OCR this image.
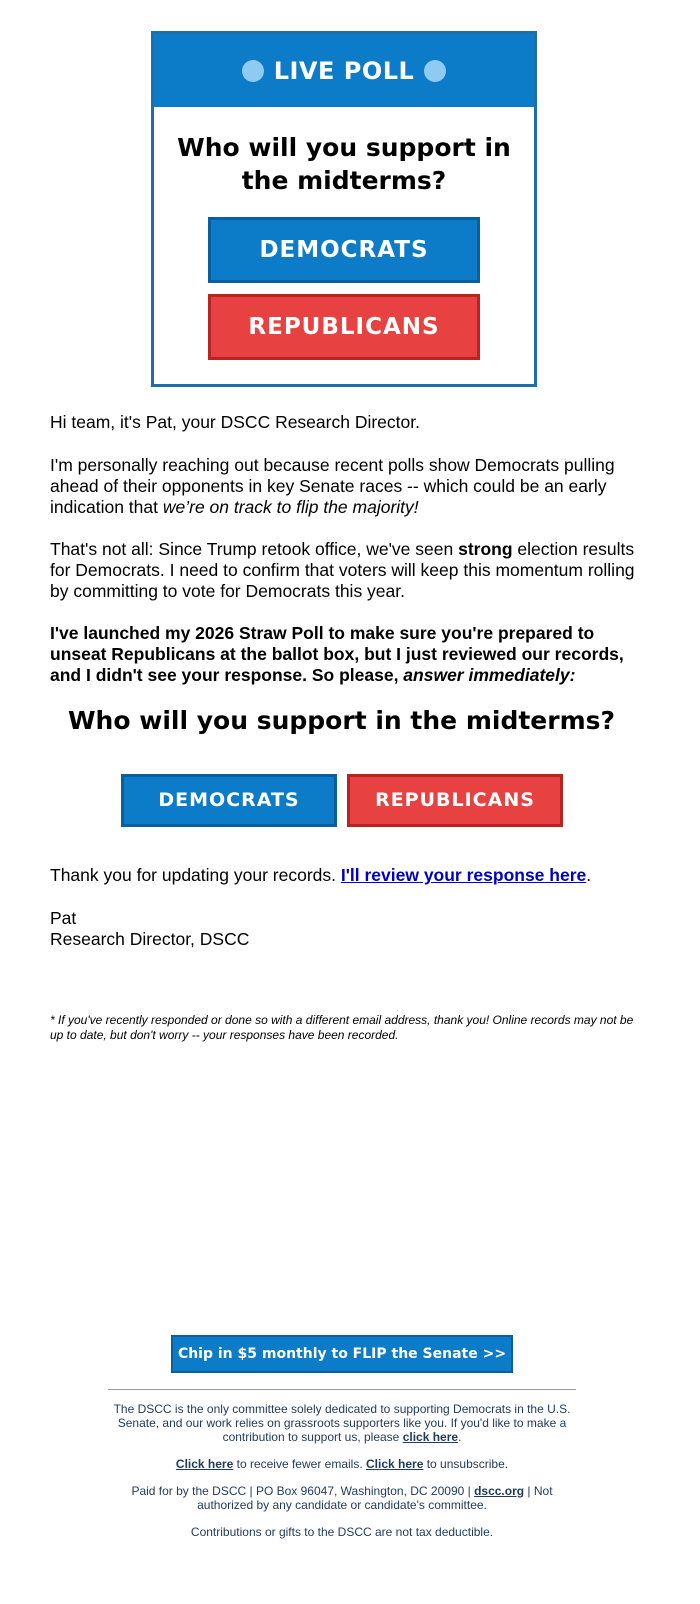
LIVE POLL
Who will you support in the midterms?
DEMOCRATS
REPUBLICANS
Hi team, it's Pat, your DSCC Research Director.
I'm personally reaching out because recent polls show Democrats pulling ahead of their opponents in key Senate races -- which could be an early indication that we’re on track to flip the majority!
That's not all: Since Trump retook office, we've seen strong election results for Democrats. I need to confirm that voters will keep this momentum rolling by committing to vote for Democrats this year.
I've launched my 2026 Straw Poll to make sure you're prepared to unseat Republicans at the ballot box, but I just reviewed our records, and I didn't see your response. So please, answer immediately:
Who will you support in the midterms?
DEMOCRATS	REPUBLICANS
Thank you for updating your records. I'll review your response here.
Pat
Research Director, DSCC
* If you've recently responded or done so with a different email address, thank you! Online records may not be up to date, but don't worry -- your responses have been recorded.
Chip in $5 monthly to FLIP the Senate >>
The DSCC is the only committee solely dedicated to supporting Democrats in the U.S. Senate, and our work relies on grassroots supporters like you. If you'd like to make a contribution to support us, please click here.
Click here to receive fewer emails. Click here to unsubscribe.
Paid for by the DSCC | PO Box 96047, Washington, DC 20090 | dscc.org | Not authorized by any candidate or candidate's committee.
Contributions or gifts to the DSCC are not tax deductible.
